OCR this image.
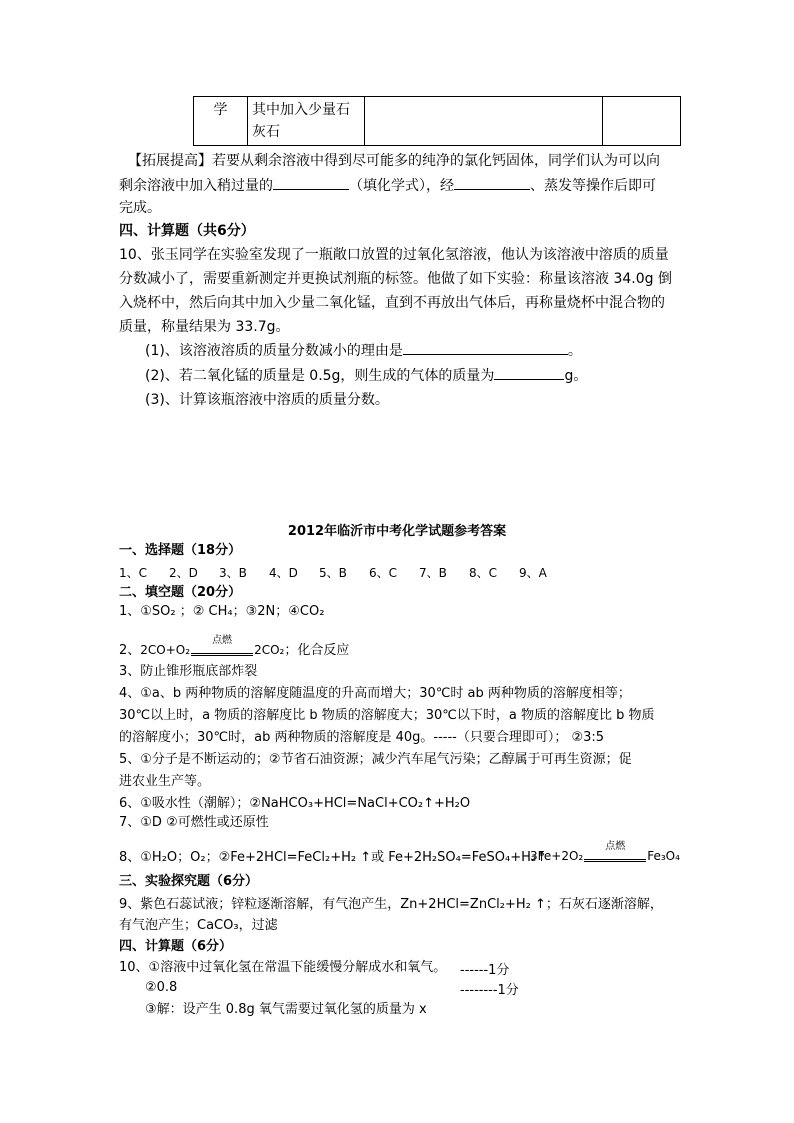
学	其中加入少量石灰石		
【拓展提高】若要从剩余溶液中得到尽可能多的纯净的氯化钙固体，同学们认为可以向
剩余溶液中加入稍过量的	（填化学式），经	、蒸发等操作后即可
完成。
四、计算题（共6分）
10、张玉同学在实验室发现了一瓶敞口放置的过氧化氢溶液，他认为该溶液中溶质的质量
分数减小了，需要重新测定并更换试剂瓶的标签。他做了如下实验：称量该溶液 34.0g 倒
入烧杯中，然后向其中加入少量二氧化锰，直到不再放出气体后，再称量烧杯中混合物的
质量，称量结果为 33.7g。
(1)、该溶液溶质的质量分数减小的理由是	。
(2)、若二氧化锰的质量是 0.5g，则生成的气体的质量为	g。
(3)、计算该瓶溶液中溶质的质量分数。
2012年临沂市中考化学试题参考答案
一、选择题（18分）
1、C 2、D 3、B 4、D 5、B 6、C 7、B 8、C 9、A
二、填空题（20分）
1、①SO₂ ；② CH₄；③2N；④CO₂
2、2CO+O₂
点燃
2CO₂；化合反应
3、防止锥形瓶底部炸裂
4、①a、b 两种物质的溶解度随温度的升高而增大；30℃时 ab 两种物质的溶解度相等；
30℃以上时，a 物质的溶解度比 b 物质的溶解度大；30℃以下时，a 物质的溶解度比 b 物质
的溶解度小；30℃时，ab 两种物质的溶解度是 40g。-----（只要合理即可）； ②3:5
5、①分子是不断运动的；②节省石油资源；减少汽车尾气污染；乙醇属于可再生资源；促
进农业生产等。
6、①吸水性（潮解）；②NaHCO₃+HCl=NaCl+CO₂↑+H₂O
7、①D ②可燃性或还原性
8、①H₂O；O₂；②Fe+2HCl=FeCl₂+H₂ ↑或 Fe+2H₂SO₄=FeSO₄+H₂↑
3Fe+2O₂
点燃
Fe₃O₄
三、实验探究题（6分）
9、紫色石蕊试液；锌粒逐渐溶解，有气泡产生，Zn+2HCl=ZnCl₂+H₂ ↑；石灰石逐渐溶解，
有气泡产生；CaCO₃，过滤
四、计算题（6分）
10、①溶液中过氧化氢在常温下能缓慢分解成水和氧气。 ------1分
②0.8	--------1分
③解：设产生 0.8g 氧气需要过氧化氢的质量为 x
